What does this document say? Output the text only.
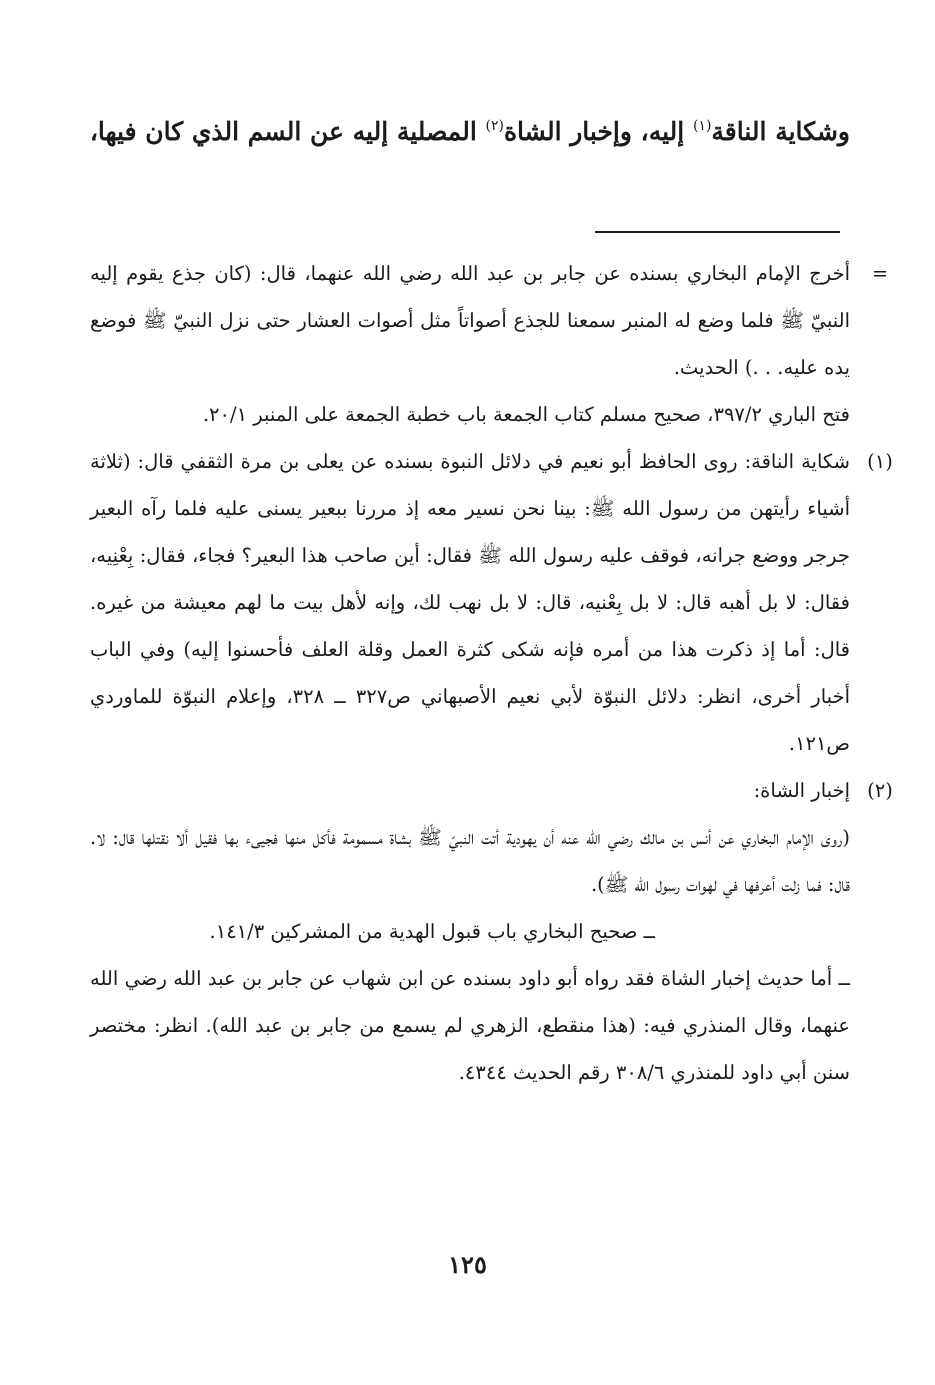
وشكاية الناقة$^{(١)}$ إليه، وإخبار الشاة$^{(٢)}$ المصلية إليه عن السم الذي كان فيها،
=
أخرج الإمام البخاري بسنده عن جابر بن عبد الله رضي الله عنهما، قال: (كان جذع يقوم إليه النبيّ ﷺ فلما وضع له المنبر سمعنا للجذع أصواتاً مثل أصوات العشار حتى نزل النبيّ ﷺ فوضع يده عليه. . .) الحديث.
فتح الباري ٣٩٧/٢، صحيح مسلم كتاب الجمعة باب خطبة الجمعة على المنبر ٢٠/١.
(١)
شكاية الناقة: روى الحافظ أبو نعيم في دلائل النبوة بسنده عن يعلى بن مرة الثقفي قال: (ثلاثة أشياء رأيتهن من رسول الله ﷺ: بينا نحن نسير معه إذ مررنا ببعير يسنى عليه فلما رآه البعير جرجر ووضع جرانه، فوقف عليه رسول الله ﷺ فقال: أين صاحب هذا البعير؟ فجاء، فقال: بِعْنِيه، فقال: لا بل أهبه قال: لا بل بِعْنيه، قال: لا بل نهب لك، وإنه لأهل بيت ما لهم معيشة من غيره. قال: أما إذ ذكرت هذا من أمره فإنه شكى كثرة العمل وقلة العلف فأحسنوا إليه) وفي الباب أخبار أخرى، انظر: دلائل النبوّة لأبي نعيم الأصبهاني ص٣٢٧ ــ ٣٢٨، وإعلام النبوّة للماوردي ص١٢١.
(٢)
إخبار الشاة:
(روى الإمام البخاري عن أنس بن مالك رضي الله عنه أن يهودية أتت النبيّ ﷺ بشاة مسمومة فأكل منها فجيىء بها فقيل ألا نقتلها قال: لا. قال: فما زلت أعرفها في لهوات رسول الله ﷺ).
ــ صحيح البخاري باب قبول الهدية من المشركين ١٤١/٣.
ــ أما حديث إخبار الشاة فقد رواه أبو داود بسنده عن ابن شهاب عن جابر بن عبد الله رضي الله عنهما، وقال المنذري فيه: (هذا منقطع، الزهري لم يسمع من جابر بن عبد الله). انظر: مختصر سنن أبي داود للمنذري ٣٠٨/٦ رقم الحديث ٤٣٤٤.
١٢٥
